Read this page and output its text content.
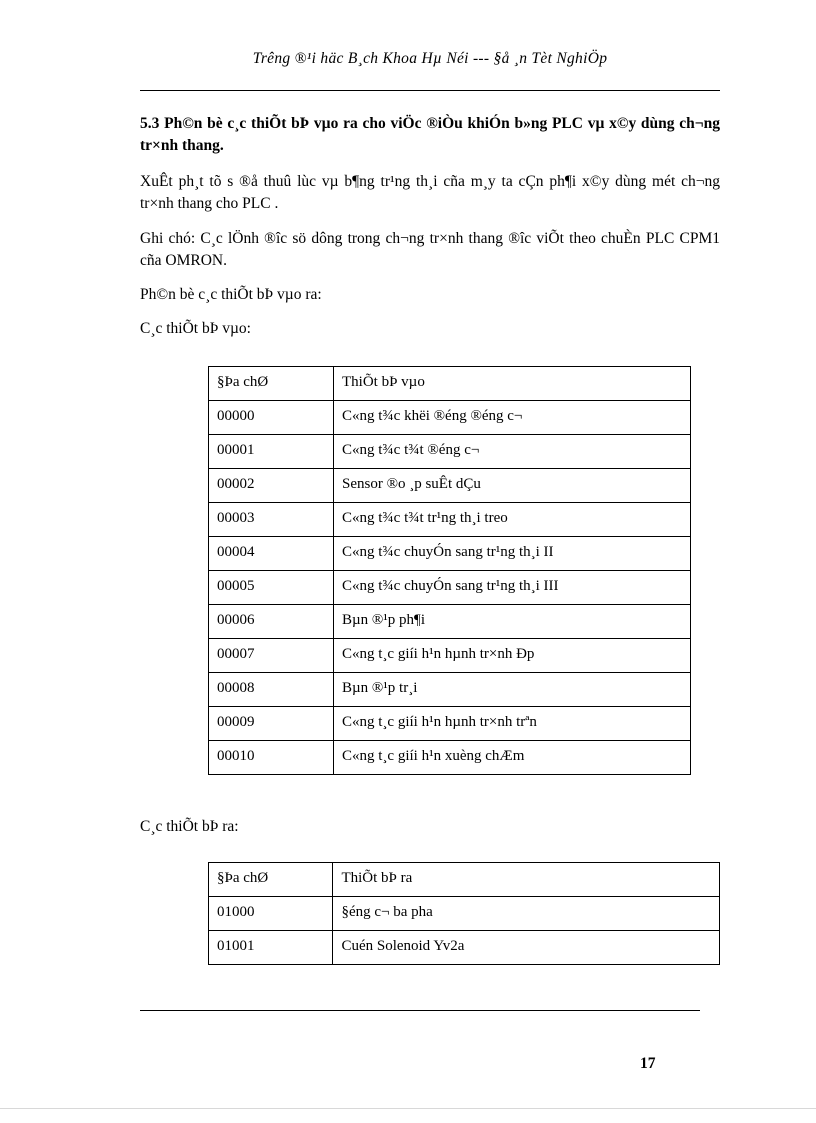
Trêng ®¹i häc B¸ch Khoa Hµ Néi --- §å ¸n Tèt NghiÖp
5.3 Ph©n bè c¸c thiÕt bÞ vµo ra cho viÖc ®iÒu khiÓn b»ng PLC vµ x©y dùng ch¬ng tr×nh thang.
XuÊt ph¸t tõ s ®å thuû lùc vµ b¶ng tr¹ng th¸i cña m¸y ta cÇn ph¶i x©y dùng mét ch¬ng tr×nh thang cho PLC .
Ghi chó: C¸c lÖnh ®îc sö dông trong ch¬ng tr×nh thang ®îc viÕt theo chuÈn PLC CPM1 cña OMRON.
Ph©n bè c¸c thiÕt bÞ vµo ra:
C¸c thiÕt bÞ vµo:
§Þa chØ	ThiÕt bÞ vµo
00000	C«ng t¾c khëi ®éng ®éng c¬
00001	C«ng t¾c t¾t ®éng c¬
00002	Sensor ®o ¸p suÊt dÇu
00003	C«ng t¾c t¾t tr¹ng th¸i treo
00004	C«ng t¾c chuyÓn sang tr¹ng th¸i II
00005	C«ng t¾c chuyÓn sang tr¹ng th¸i III
00006	Bµn ®¹p ph¶i
00007	C«ng t¸c giíi h¹n hµnh tr×nh Ðp
00008	Bµn ®¹p tr¸i
00009	C«ng t¸c giíi h¹n hµnh tr×nh trªn
00010	C«ng t¸c giíi h¹n xuèng chÆm
C¸c thiÕt bÞ ra:
§Þa chØ	ThiÕt bÞ ra
01000	§éng c¬ ba pha
01001	Cuén Solenoid Yv2a
17
